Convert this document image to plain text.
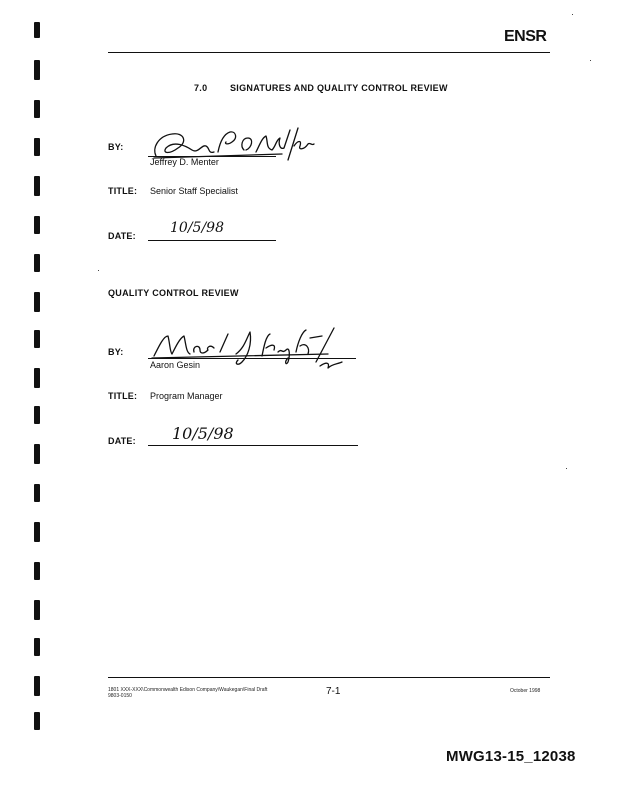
ENSR
7.0	SIGNATURES AND QUALITY CONTROL REVIEW
BY:
Jeffrey D. Menter
TITLE: Senior Staff Specialist
DATE: 10/5/98
QUALITY CONTROL REVIEW
BY:
Aaron Gesin
TITLE: Program Manager
DATE: 10/5/98
1801 XXX-XXX\Commonwealth Edison Company\Waukegan\Final Draft
9803-0150	7-1	October 1998
MWG13-15_12038
